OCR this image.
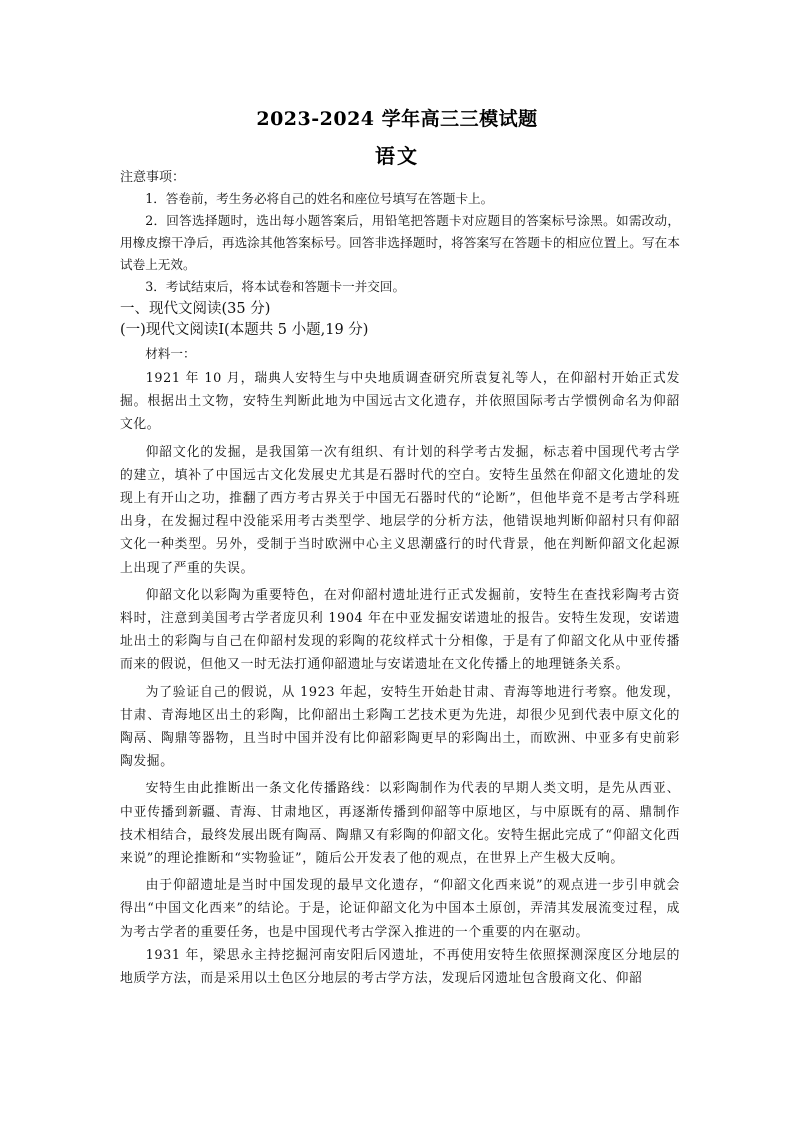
2023-2024 学年高三三模试题
语文

注意事项：

1．答卷前，考生务必将自己的姓名和座位号填写在答题卡上。

2．回答选择题时，选出每小题答案后，用铅笔把答题卡对应题目的答案标号涂黑。如需改动，用橡皮擦干净后，再选涂其他答案标号。回答非选择题时，将答案写在答题卡的相应位置上。写在本试卷上无效。

3．考试结束后，将本试卷和答题卡一并交回。

一、现代文阅读(35 分)

(一)现代文阅读Ⅰ(本题共 5 小题,19 分)

材料一：

1921 年 10 月，瑞典人安特生与中央地质调查研究所袁复礼等人，在仰韶村开始正式发掘。根据出土文物，安特生判断此地为中国远古文化遗存，并依照国际考古学惯例命名为仰韶文化。

仰韶文化的发掘，是我国第一次有组织、有计划的科学考古发掘，标志着中国现代考古学的建立，填补了中国远古文化发展史尤其是石器时代的空白。安特生虽然在仰韶文化遗址的发现上有开山之功，推翻了西方考古界关于中国无石器时代的“论断”，但他毕竟不是考古学科班出身，在发掘过程中没能采用考古类型学、地层学的分析方法，他错误地判断仰韶村只有仰韶文化一种类型。另外，受制于当时欧洲中心主义思潮盛行的时代背景，他在判断仰韶文化起源上出现了严重的失误。

仰韶文化以彩陶为重要特色，在对仰韶村遗址进行正式发掘前，安特生在查找彩陶考古资料时，注意到美国考古学者庞贝利 1904 年在中亚发掘安诺遗址的报告。安特生发现，安诺遗址出土的彩陶与自己在仰韶村发现的彩陶的花纹样式十分相像，于是有了仰韶文化从中亚传播而来的假说，但他又一时无法打通仰韶遗址与安诺遗址在文化传播上的地理链条关系。

为了验证自己的假说，从 1923 年起，安特生开始赴甘肃、青海等地进行考察。他发现，甘肃、青海地区出土的彩陶，比仰韶出土彩陶工艺技术更为先进，却很少见到代表中原文化的陶鬲、陶鼎等器物，且当时中国并没有比仰韶彩陶更早的彩陶出土，而欧洲、中亚多有史前彩陶发掘。

安特生由此推断出一条文化传播路线：以彩陶制作为代表的早期人类文明，是先从西亚、中亚传播到新疆、青海、甘肃地区，再逐渐传播到仰韶等中原地区，与中原既有的鬲、鼎制作技术相结合，最终发展出既有陶鬲、陶鼎又有彩陶的仰韶文化。安特生据此完成了“仰韶文化西来说”的理论推断和“实物验证”，随后公开发表了他的观点，在世界上产生极大反响。

由于仰韶遗址是当时中国发现的最早文化遗存，“仰韶文化西来说”的观点进一步引申就会得出“中国文化西来”的结论。于是，论证仰韶文化为中国本土原创，弄清其发展流变过程，成为考古学者的重要任务，也是中国现代考古学深入推进的一个重要的内在驱动。

1931 年，梁思永主持挖掘河南安阳后冈遗址，不再使用安特生依照探测深度区分地层的地质学方法，而是采用以土色区分地层的考古学方法，发现后冈遗址包含殷商文化、仰韶
